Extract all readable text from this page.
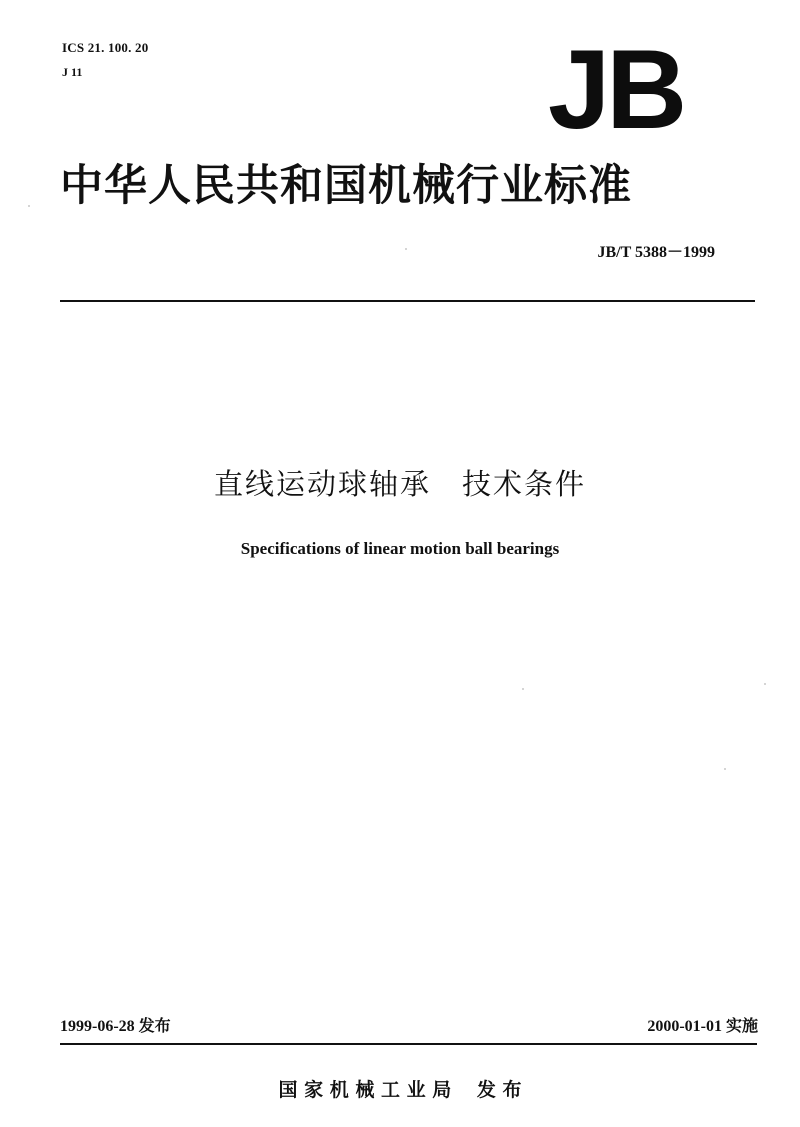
ICS 21. 100. 20
J 11	JB
中华人民共和国机械行业标准
JB/T 5388－1999
直线运动球轴承　技术条件
Specifications of linear motion ball bearings
1999-06-28 发布	2000-01-01 实施
国 家 机 械 工 业 局　 发 布
